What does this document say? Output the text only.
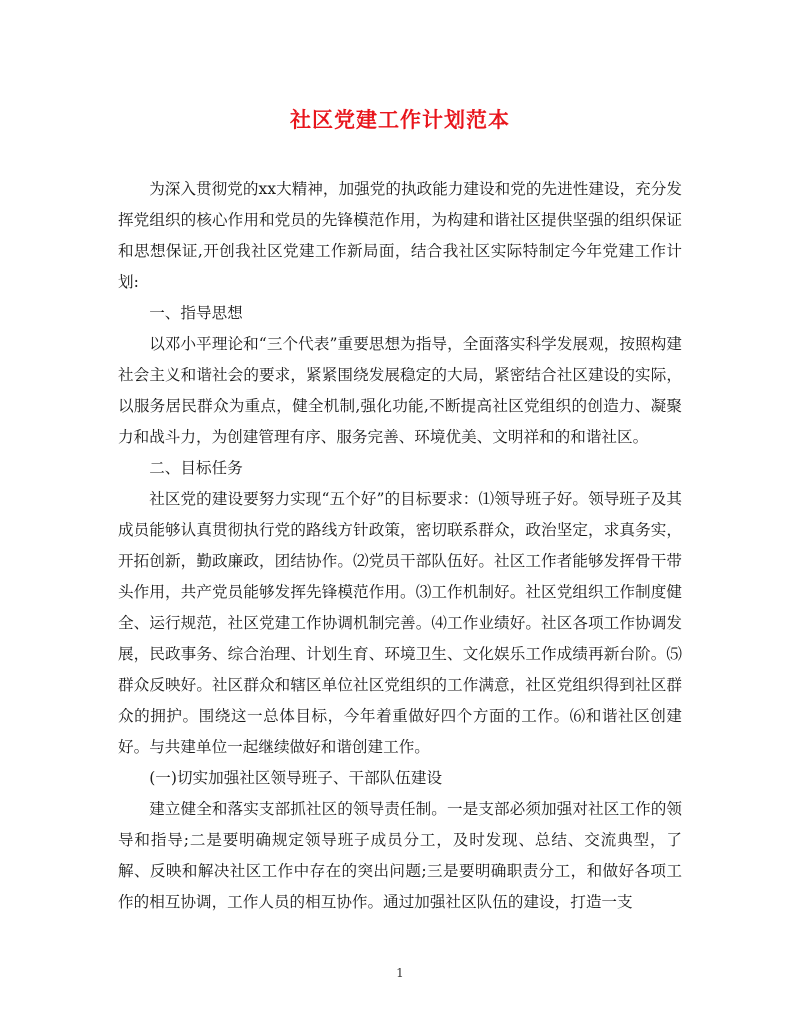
社区党建工作计划范本

为深入贯彻党的xx大精神，加强党的执政能力建设和党的先进性建设，充分发挥党组织的核心作用和党员的先锋模范作用，为构建和谐社区提供坚强的组织保证和思想保证,开创我社区党建工作新局面，结合我社区实际特制定今年党建工作计划:

一、指导思想

以邓小平理论和“三个代表”重要思想为指导，全面落实科学发展观，按照构建社会主义和谐社会的要求，紧紧围绕发展稳定的大局，紧密结合社区建设的实际，以服务居民群众为重点，健全机制,强化功能,不断提高社区党组织的创造力、凝聚力和战斗力，为创建管理有序、服务完善、环境优美、文明祥和的和谐社区。

二、目标任务

社区党的建设要努力实现“五个好”的目标要求：⑴领导班子好。领导班子及其成员能够认真贯彻执行党的路线方针政策，密切联系群众，政治坚定，求真务实，开拓创新，勤政廉政，团结协作。⑵党员干部队伍好。社区工作者能够发挥骨干带头作用，共产党员能够发挥先锋模范作用。⑶工作机制好。社区党组织工作制度健全、运行规范，社区党建工作协调机制完善。⑷工作业绩好。社区各项工作协调发展，民政事务、综合治理、计划生育、环境卫生、文化娱乐工作成绩再新台阶。⑸群众反映好。社区群众和辖区单位社区党组织的工作满意，社区党组织得到社区群众的拥护。围绕这一总体目标，今年着重做好四个方面的工作。⑹和谐社区创建好。与共建单位一起继续做好和谐创建工作。

(一)切实加强社区领导班子、干部队伍建设

建立健全和落实支部抓社区的领导责任制。一是支部必须加强对社区工作的领导和指导;二是要明确规定领导班子成员分工，及时发现、总结、交流典型，了解、反映和解决社区工作中存在的突出问题;三是要明确职责分工，和做好各项工作的相互协调，工作人员的相互协作。通过加强社区队伍的建设，打造一支

1
